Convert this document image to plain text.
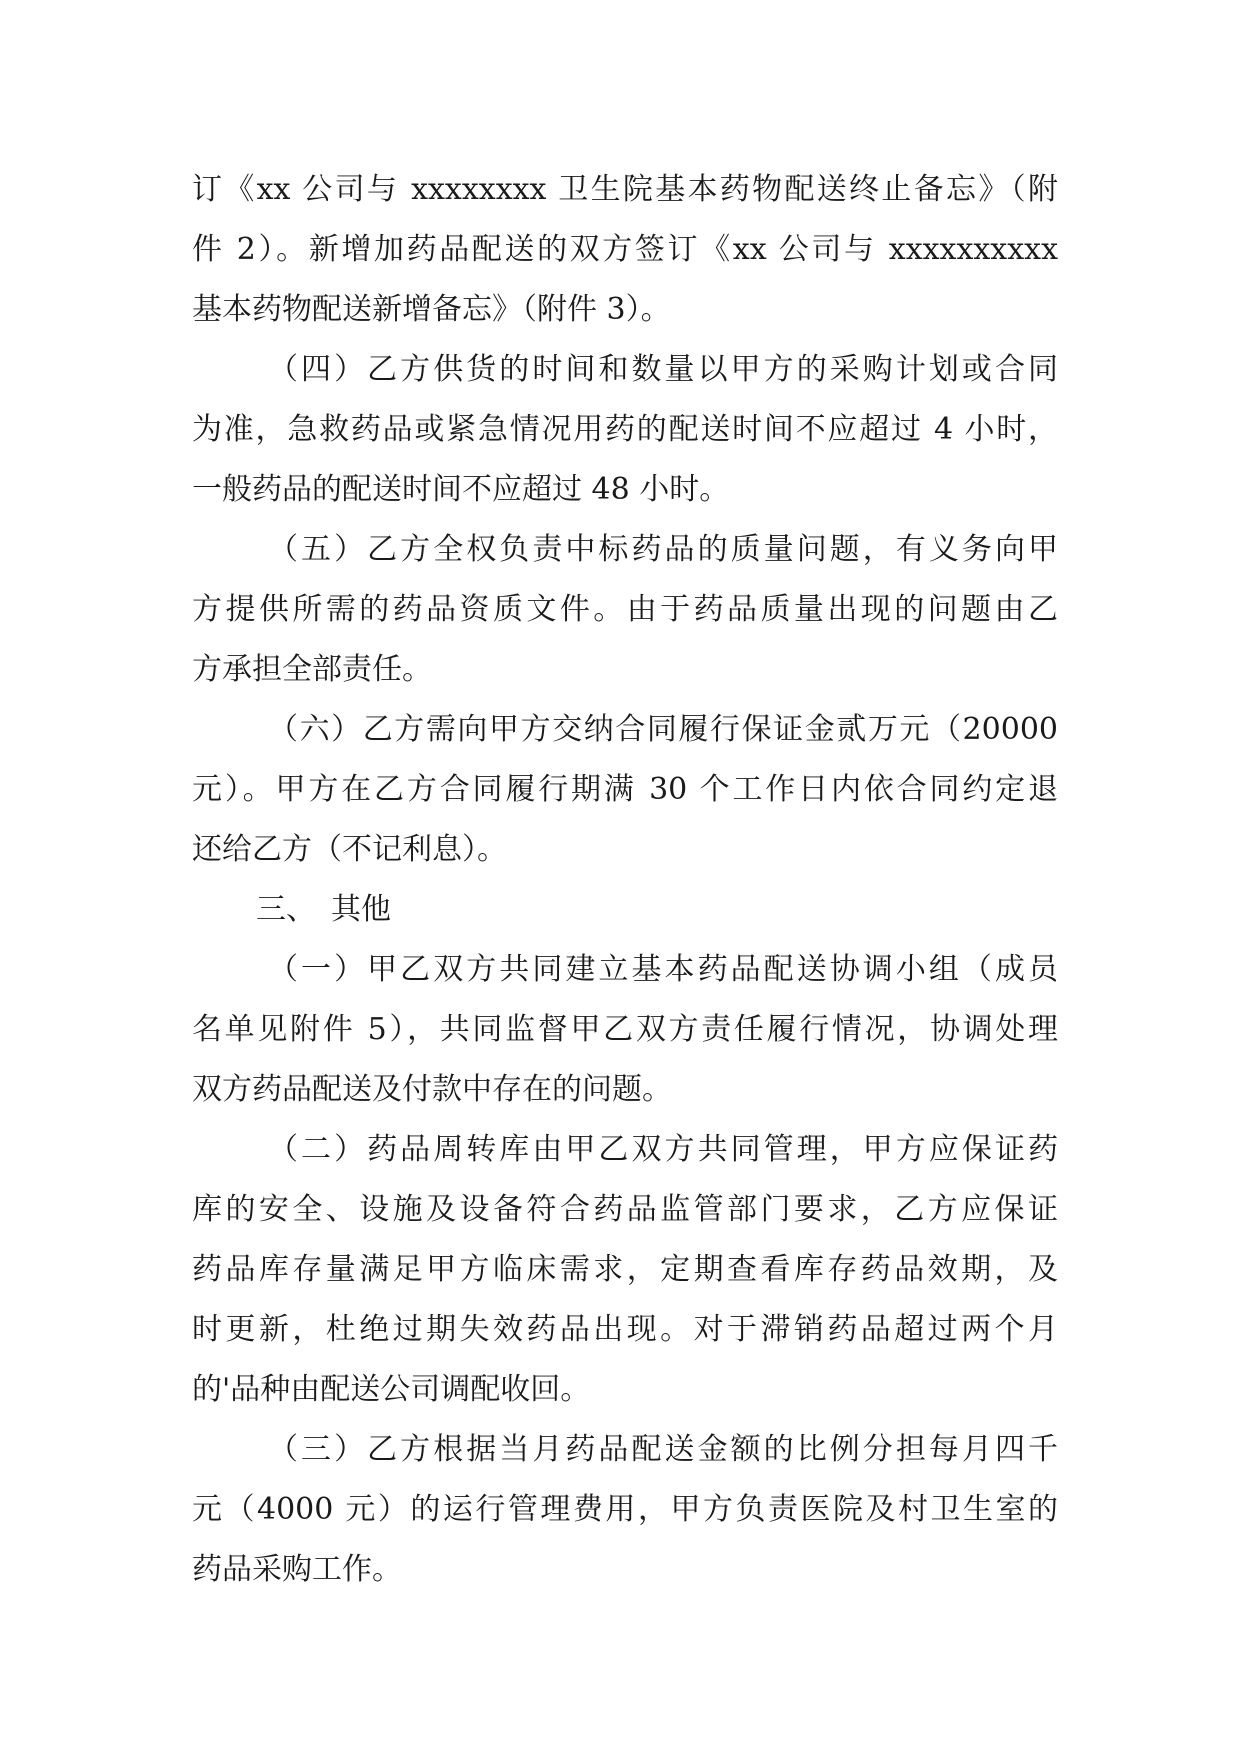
订《xx 公司与 xxxxxxxx 卫生院基本药物配送终止备忘》（附
件 2）。新增加药品配送的双方签订《xx 公司与 xxxxxxxxxx
基本药物配送新增备忘》（附件 3）。
（四）乙方供货的时间和数量以甲方的采购计划或合同
为准，急救药品或紧急情况用药的配送时间不应超过 4 小时，
一般药品的配送时间不应超过 48 小时。
（五）乙方全权负责中标药品的质量问题，有义务向甲
方提供所需的药品资质文件。由于药品质量出现的问题由乙
方承担全部责任。
（六）乙方需向甲方交纳合同履行保证金贰万元（20000
元）。甲方在乙方合同履行期满 30 个工作日内依合同约定退
还给乙方（不记利息）。
三、　其他
（一）甲乙双方共同建立基本药品配送协调小组（成员
名单见附件 5），共同监督甲乙双方责任履行情况，协调处理
双方药品配送及付款中存在的问题。
（二）药品周转库由甲乙双方共同管理，甲方应保证药
库的安全、设施及设备符合药品监管部门要求，乙方应保证
药品库存量满足甲方临床需求，定期查看库存药品效期，及
时更新，杜绝过期失效药品出现。对于滞销药品超过两个月
的'品种由配送公司调配收回。
（三）乙方根据当月药品配送金额的比例分担每月四千
元（4000 元）的运行管理费用，甲方负责医院及村卫生室的
药品采购工作。
